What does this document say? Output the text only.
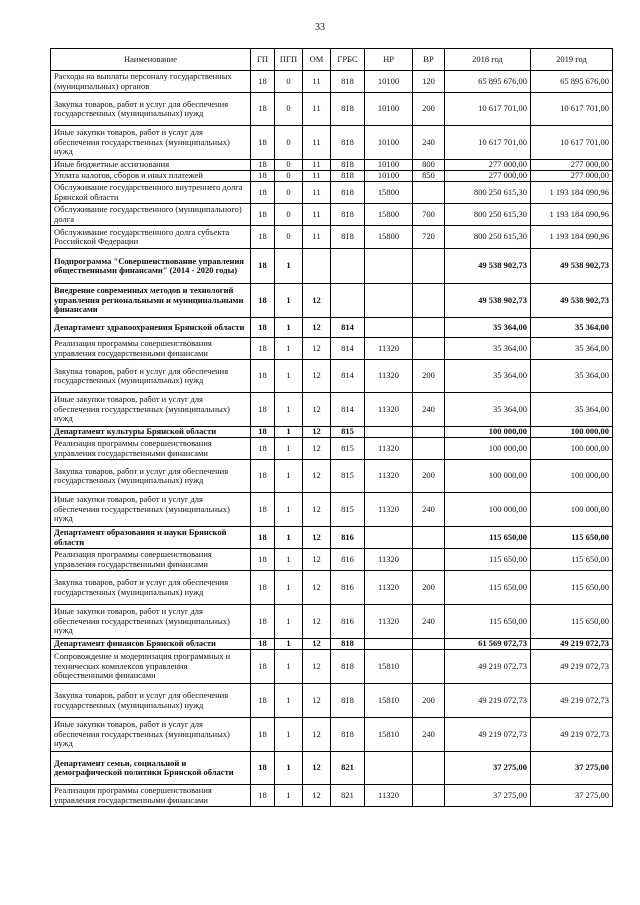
33
Наименование	ГП	ПГП	ОМ	ГРБС	НР	ВР	2018 год	2019 год
Расходы на выплаты персоналу государственных (муниципальных) органов	18	0	11	818	10100	120	65 895 676,00	65 895 676,00
Закупка товаров, работ и услуг для обеспечения государственных (муниципальных) нужд	18	0	11	818	10100	200	10 617 701,00	10 617 701,00
Иные закупки товаров, работ и услуг для обеспечения государственных (муниципальных) нужд	18	0	11	818	10100	240	10 617 701,00	10 617 701,00
Иные бюджетные ассигнования	18	0	11	818	10100	800	277 000,00	277 000,00
Уплата налогов, сборов и иных платежей	18	0	11	818	10100	850	277 000,00	277 000,00
Обслуживание государственного внутреннего долга Брянской области	18	0	11	818	15800		800 250 615,30	1 193 184 090,96
Обслуживание государственного (муниципального) долга	18	0	11	818	15800	700	800 250 615,30	1 193 184 090,96
Обслуживание государственного долга субъекта Российской Федерации	18	0	11	818	15800	720	800 250 615,30	1 193 184 090,96
Подпрограмма "Совершенствование управления общественными финансами" (2014 - 2020 годы)	18	1					49 538 902,73	49 538 902,73
Внедрение современных методов и технологий управления региональными и муниципальными финансами	18	1	12				49 538 902,73	49 538 902,73
Департамент здравоохранения Брянской области	18	1	12	814			35 364,00	35 364,00
Реализация программы совершенствования управления государственными финансами	18	1	12	814	11320		35 364,00	35 364,00
Закупка товаров, работ и услуг для обеспечения государственных (муниципальных) нужд	18	1	12	814	11320	200	35 364,00	35 364,00
Иные закупки товаров, работ и услуг для обеспечения государственных (муниципальных) нужд	18	1	12	814	11320	240	35 364,00	35 364,00
Департамент культуры Брянской области	18	1	12	815			100 000,00	100 000,00
Реализация программы совершенствования управления государственными финансами	18	1	12	815	11320		100 000,00	100 000,00
Закупка товаров, работ и услуг для обеспечения государственных (муниципальных) нужд	18	1	12	815	11320	200	100 000,00	100 000,00
Иные закупки товаров, работ и услуг для обеспечения государственных (муниципальных) нужд	18	1	12	815	11320	240	100 000,00	100 000,00
Департамент образования и науки Брянской области	18	1	12	816			115 650,00	115 650,00
Реализация программы совершенствования управления государственными финансами	18	1	12	816	11320		115 650,00	115 650,00
Закупка товаров, работ и услуг для обеспечения государственных (муниципальных) нужд	18	1	12	816	11320	200	115 650,00	115 650,00
Иные закупки товаров, работ и услуг для обеспечения государственных (муниципальных) нужд	18	1	12	816	11320	240	115 650,00	115 650,00
Департамент финансов Брянской области	18	1	12	818			61 569 072,73	49 219 072,73
Сопровождение и модернизация программных и технических комплексов управления общественными финансами	18	1	12	818	15810		49 219 072,73	49 219 072,73
Закупка товаров, работ и услуг для обеспечения государственных (муниципальных) нужд	18	1	12	818	15810	200	49 219 072,73	49 219 072,73
Иные закупки товаров, работ и услуг для обеспечения государственных (муниципальных) нужд	18	1	12	818	15810	240	49 219 072,73	49 219 072,73
Департамент семьи, социальной и демографической политики Брянской области	18	1	12	821			37 275,00	37 275,00
Реализация программы совершенствования управления государственными финансами	18	1	12	821	11320		37 275,00	37 275,00
